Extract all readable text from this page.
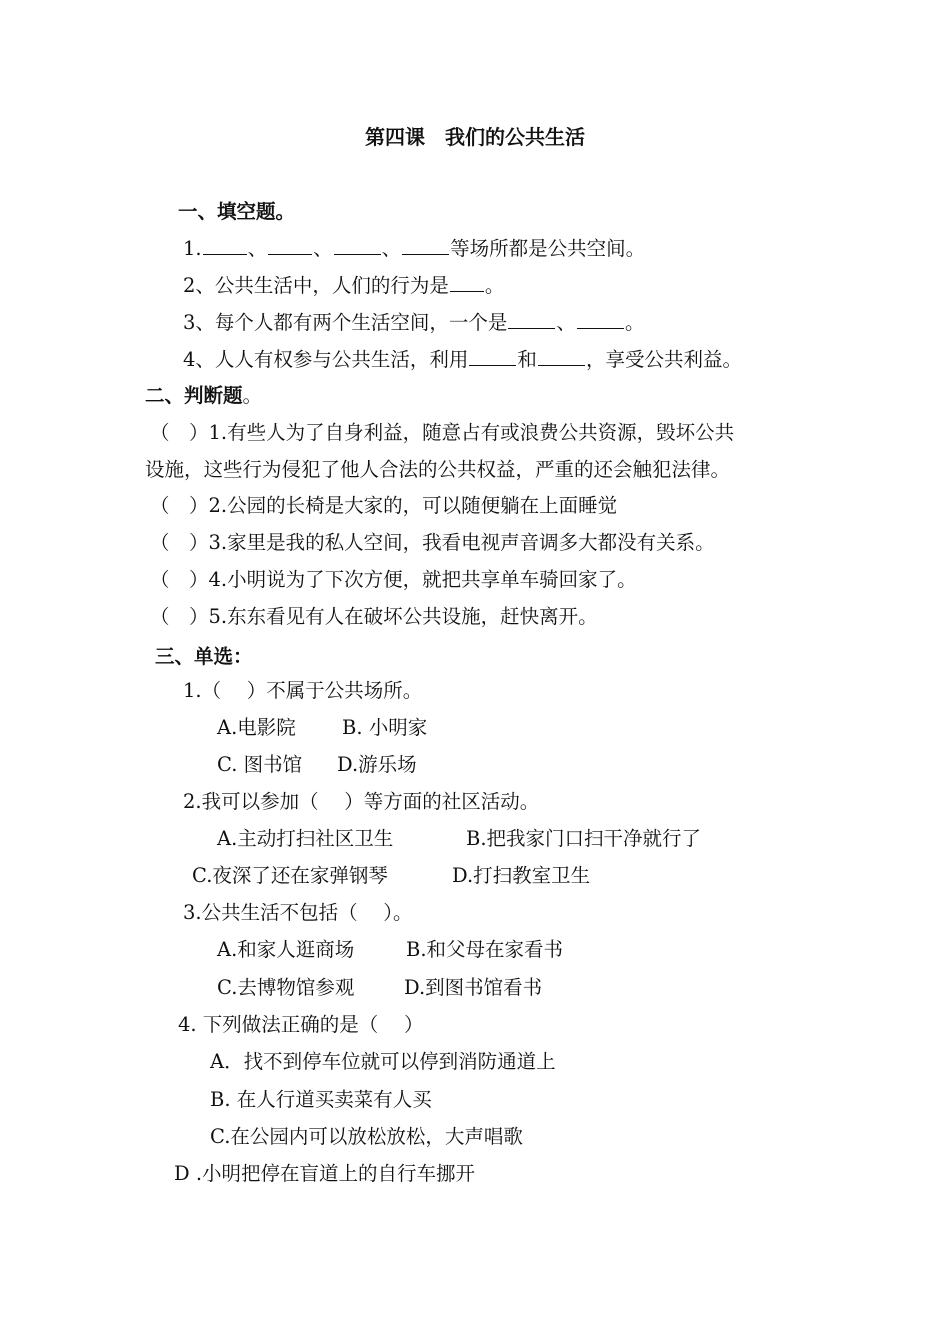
第四课　我们的公共生活
一、填空题。
1. 、 、	、	等场所都是公共空间。
2、公共生活中，人们的行为是 。
3、每个人都有两个生活空间，一个是	、	。
4、人人有权参与公共生活，利用	和	，享受公共利益。
二、判断题。
（　）1.有些人为了自身利益，随意占有或浪费公共资源，毁坏公共
设施，这些行为侵犯了他人合法的公共权益，严重的还会触犯法律。
（　）2.公园的长椅是大家的，可以随便躺在上面睡觉
（　）3.家里是我的私人空间，我看电视声音调多大都没有关系。
（　）4.小明说为了下次方便，就把共享单车骑回家了。
（　）5.东东看见有人在破坏公共设施，赶快离开。
三、单选：
1.（　 ）不属于公共场所。
A.电影院 B. 小明家
C. 图书馆 D.游乐场
2.我可以参加（　 ）等方面的社区活动。
A.主动打扫社区卫生	B.把我家门口扫干净就行了
C.夜深了还在家弹钢琴	D.打扫教室卫生
3.公共生活不包括（　 ）。
A.和家人逛商场	B.和父母在家看书
C.去博物馆参观	D.到图书馆看书
4. 下列做法正确的是（　 ）
A．找不到停车位就可以停到消防通道上
B. 在人行道买卖菜有人买
C.在公园内可以放松放松，大声唱歌
D .小明把停在盲道上的自行车挪开
